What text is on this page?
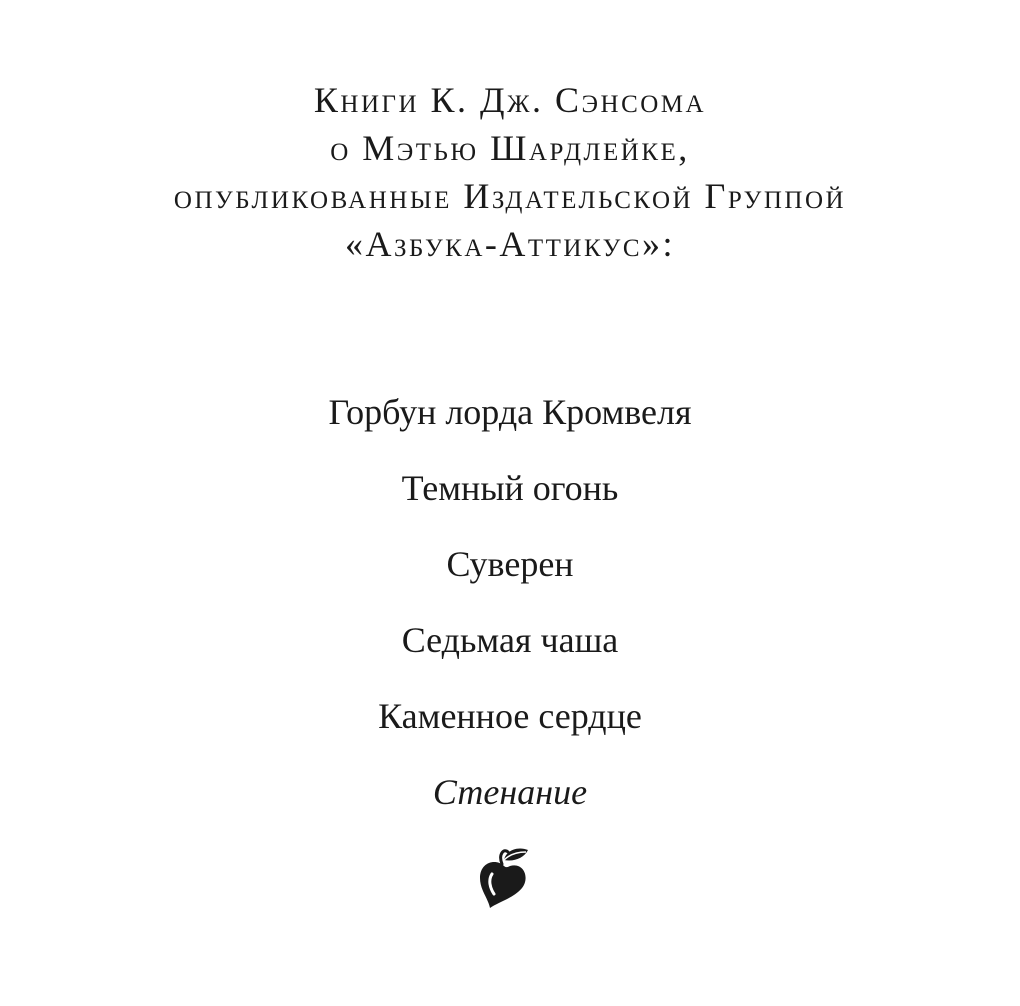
Книги К. Дж. Сэнсома
о Мэтью Шардлейке,
опубликованные Издательской Группой
«Азбука-Аттикус»:
Горбун лорда Кромвеля
Темный огонь
Суверен
Седьмая чаша
Каменное сердце
Стенание
